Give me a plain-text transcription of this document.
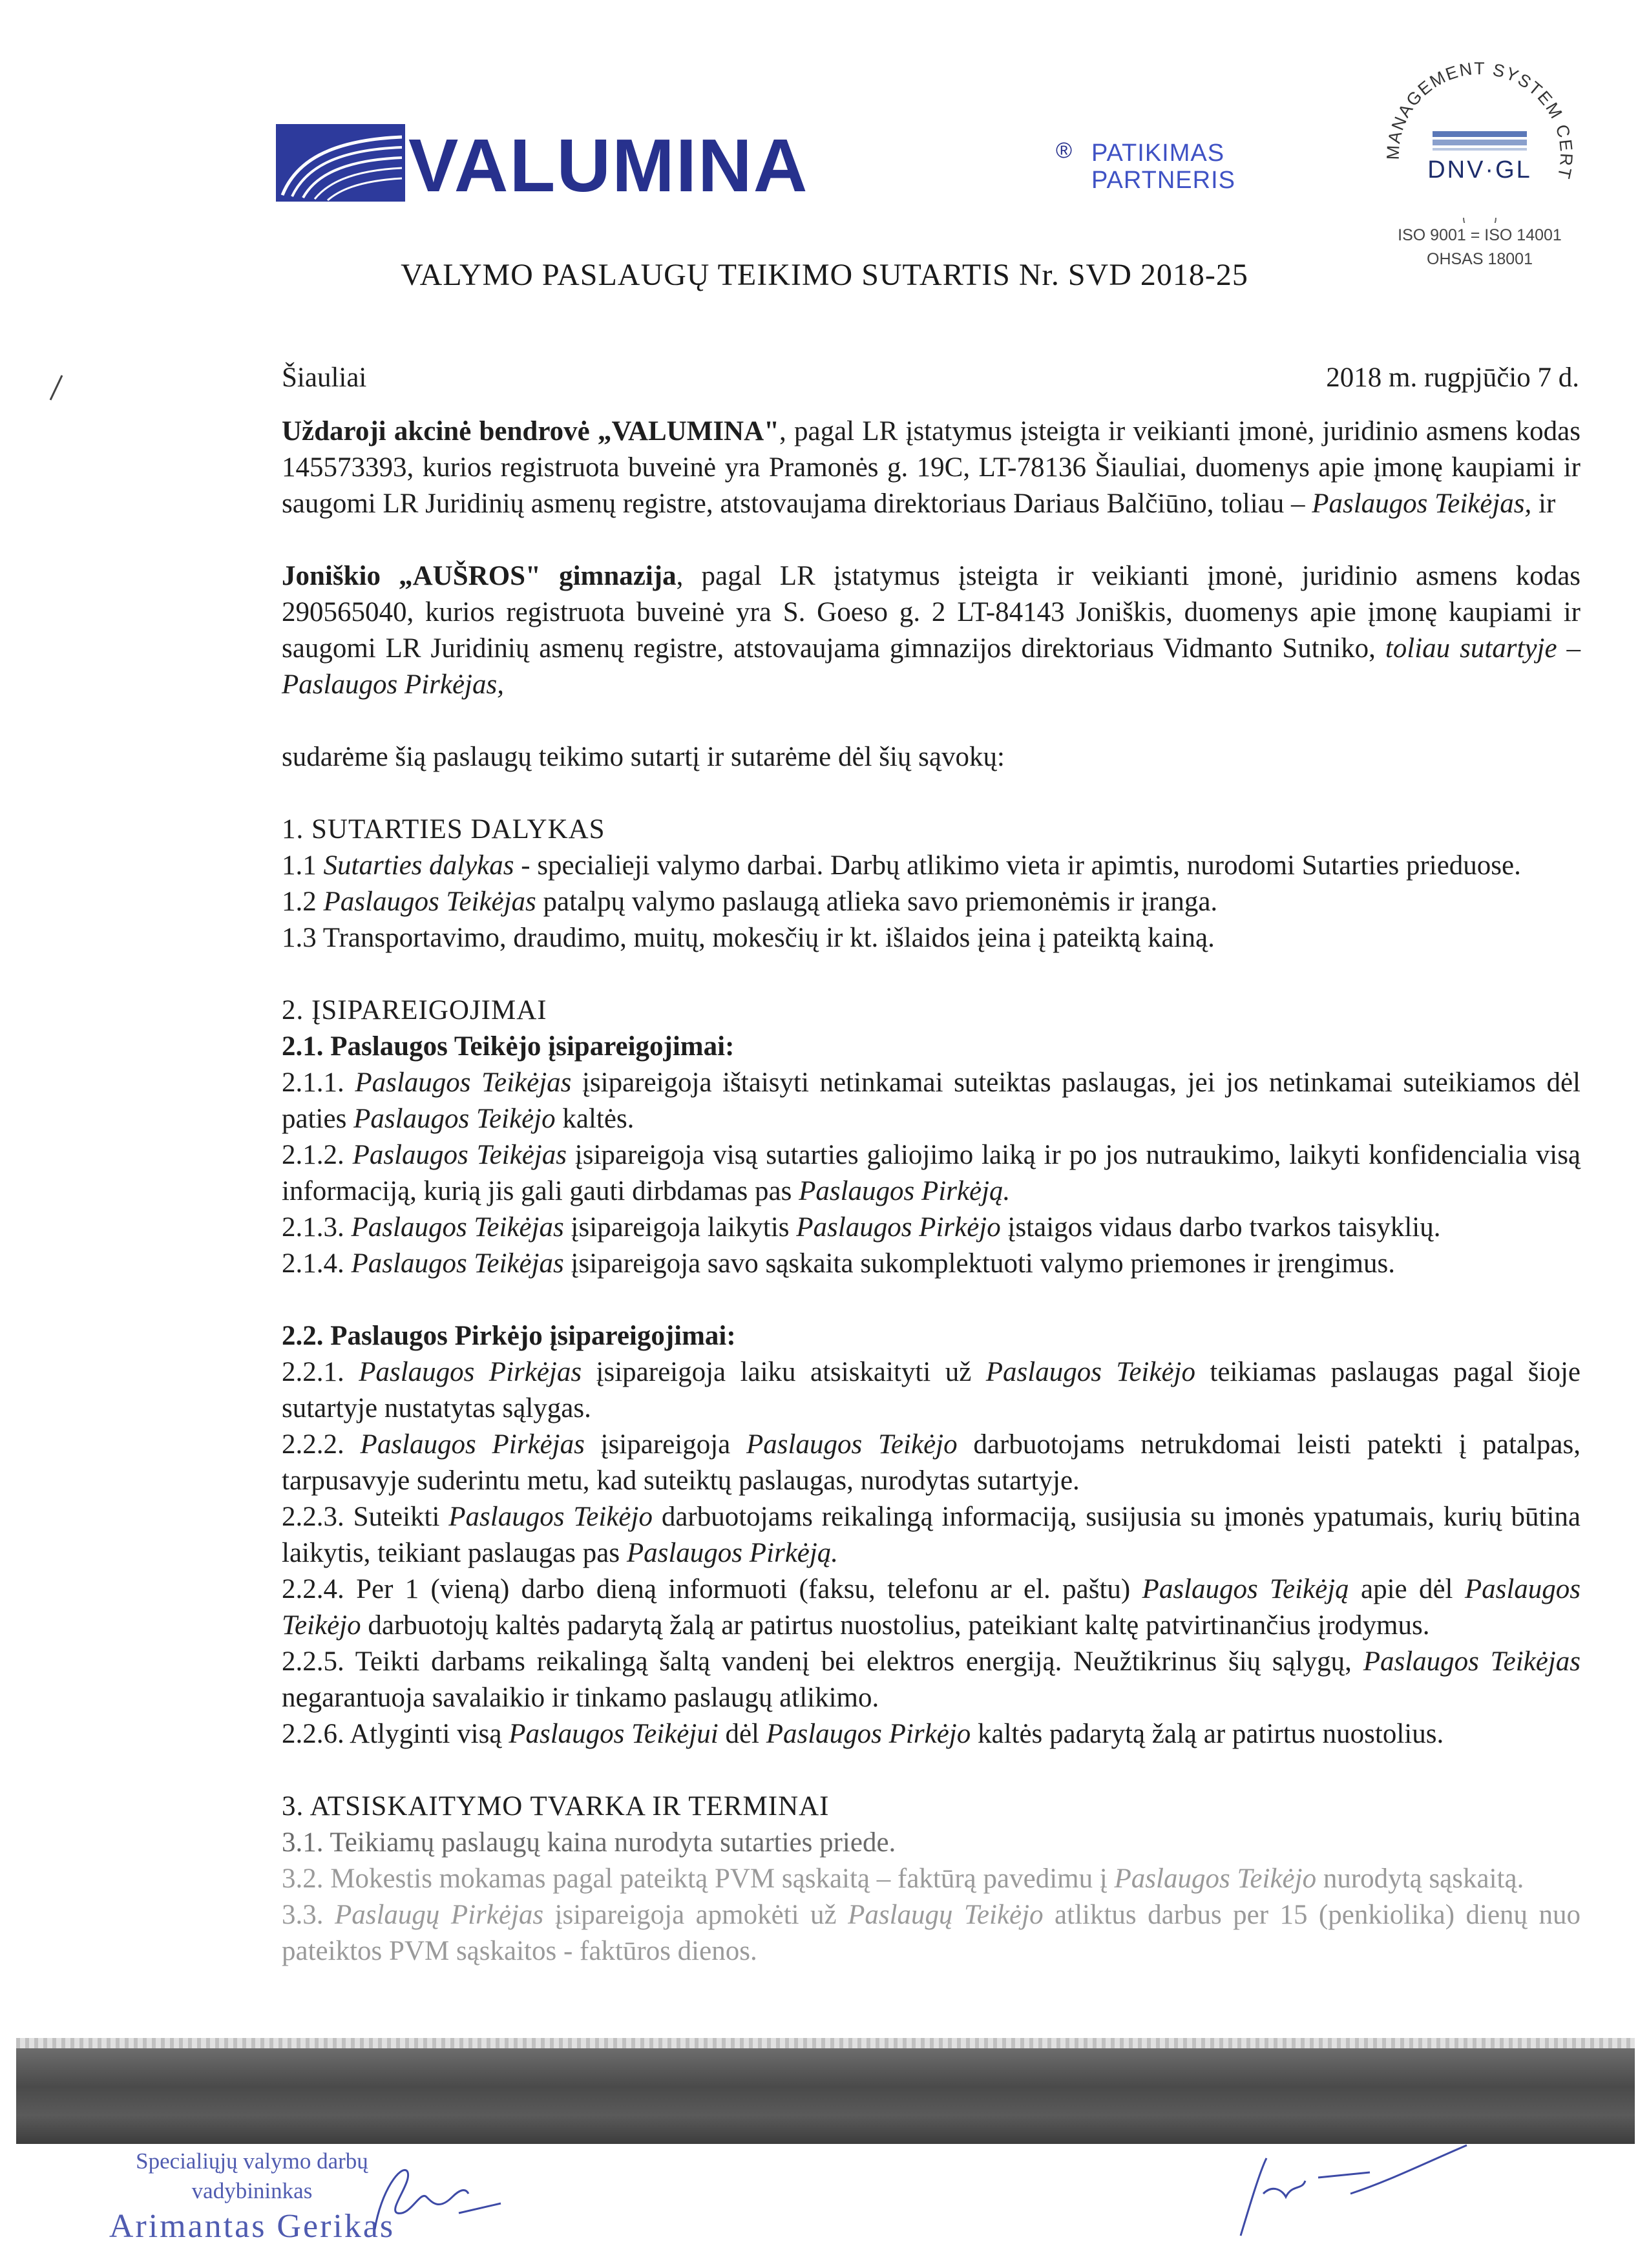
VALUMINA	® PATIKIMAS
PARTNERIS
MANAGEMENT SYSTEM CERT
DNV·GL
ISO 9001 = ISO 14001
OHSAS 18001
VALYMO PASLAUGŲ TEIKIMO SUTARTIS Nr. SVD 2018-25
Šiauliai	2018 m. rugpjūčio 7 d.

Uždaroji akcinė bendrovė „VALUMINA", pagal LR įstatymus įsteigta ir veikianti įmonė, juridinio asmens kodas 145573393, kurios registruota buveinė yra Pramonės g. 19C, LT-78136 Šiauliai, duomenys apie įmonę kaupiami ir saugomi LR Juridinių asmenų registre, atstovaujama direktoriaus Dariaus Balčiūno, toliau – Paslaugos Teikėjas, ir

Joniškio „AUŠROS" gimnazija, pagal LR įstatymus įsteigta ir veikianti įmonė, juridinio asmens kodas 290565040, kurios registruota buveinė yra S. Goeso g. 2 LT-84143 Joniškis, duomenys apie įmonę kaupiami ir saugomi LR Juridinių asmenų registre, atstovaujama gimnazijos direktoriaus Vidmanto Sutniko, toliau sutartyje – Paslaugos Pirkėjas,

sudarėme šią paslaugų teikimo sutartį ir sutarėme dėl šių sąvokų:

1. SUTARTIES DALYKAS

1.1 Sutarties dalykas - specialieji valymo darbai. Darbų atlikimo vieta ir apimtis, nurodomi Sutarties prieduose.

1.2 Paslaugos Teikėjas patalpų valymo paslaugą atlieka savo priemonėmis ir įranga.

1.3 Transportavimo, draudimo, muitų, mokesčių ir kt. išlaidos įeina į pateiktą kainą.

2. ĮSIPAREIGOJIMAI

2.1. Paslaugos Teikėjo įsipareigojimai:

2.1.1. Paslaugos Teikėjas įsipareigoja ištaisyti netinkamai suteiktas paslaugas, jei jos netinkamai suteikiamos dėl paties Paslaugos Teikėjo kaltės.

2.1.2. Paslaugos Teikėjas įsipareigoja visą sutarties galiojimo laiką ir po jos nutraukimo, laikyti konfidencialia visą informaciją, kurią jis gali gauti dirbdamas pas Paslaugos Pirkėją.

2.1.3. Paslaugos Teikėjas įsipareigoja laikytis Paslaugos Pirkėjo įstaigos vidaus darbo tvarkos taisyklių.

2.1.4. Paslaugos Teikėjas įsipareigoja savo sąskaita sukomplektuoti valymo priemones ir įrengimus.

2.2. Paslaugos Pirkėjo įsipareigojimai:

2.2.1. Paslaugos Pirkėjas įsipareigoja laiku atsiskaityti už Paslaugos Teikėjo teikiamas paslaugas pagal šioje sutartyje nustatytas sąlygas.

2.2.2. Paslaugos Pirkėjas įsipareigoja Paslaugos Teikėjo darbuotojams netrukdomai leisti patekti į patalpas, tarpusavyje suderintu metu, kad suteiktų paslaugas, nurodytas sutartyje.

2.2.3. Suteikti Paslaugos Teikėjo darbuotojams reikalingą informaciją, susijusia su įmonės ypatumais, kurių būtina laikytis, teikiant paslaugas pas Paslaugos Pirkėją.

2.2.4. Per 1 (vieną) darbo dieną informuoti (faksu, telefonu ar el. paštu) Paslaugos Teikėją apie dėl Paslaugos Teikėjo darbuotojų kaltės padarytą žalą ar patirtus nuostolius, pateikiant kaltę patvirtinančius įrodymus.

2.2.5. Teikti darbams reikalingą šaltą vandenį bei elektros energiją. Neužtikrinus šių sąlygų, Paslaugos Teikėjas negarantuoja savalaikio ir tinkamo paslaugų atlikimo.

2.2.6. Atlyginti visą Paslaugos Teikėjui dėl Paslaugos Pirkėjo kaltės padarytą žalą ar patirtus nuostolius.

3. ATSISKAITYMO TVARKA IR TERMINAI

3.1. Teikiamų paslaugų kaina nurodyta sutarties priede.

3.2. Mokestis mokamas pagal pateiktą PVM sąskaitą – faktūrą pavedimu į Paslaugos Teikėjo nurodytą sąskaitą.

3.3. Paslaugų Pirkėjas įsipareigoja apmokėti už Paslaugų Teikėjo atliktus darbus per 15 (penkiolika) dienų nuo pateiktos PVM sąskaitos - faktūros dienos.

Specialiųjų valymo darbų
vadybininkas
Arimantas Gerikas
